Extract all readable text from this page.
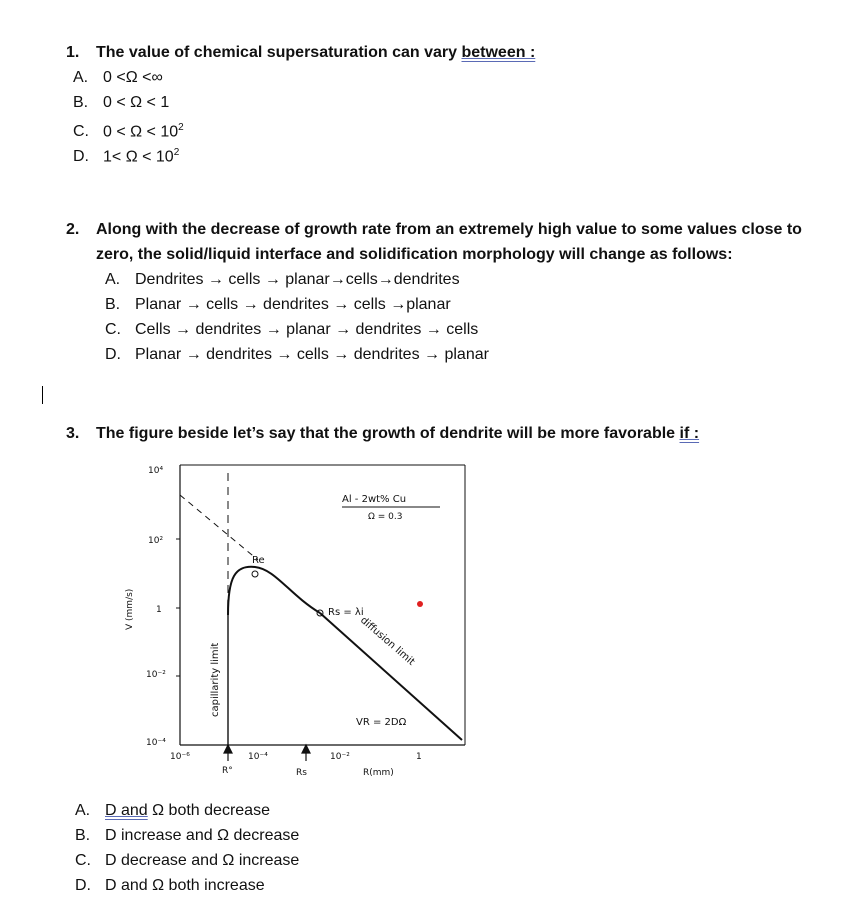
1. The value of chemical supersaturation can vary between :
A. 0 <Ω <∞
B. 0 < Ω < 1
C. $0 < \Omega < 10^2$
D. $1< \Omega < 10^2$
2. Along with the decrease of growth rate from an extremely high value to some values close to
zero, the solid/liquid interface and solidification morphology will change as follows:
A. Dendrites → cells → planar→cells→dendrites
B. Planar → cells → dendrites → cells →planar
C. Cells → dendrites → planar → dendrites → cells
D. Planar → dendrites → cells → dendrites → planar
3. The figure beside let’s say that the growth of dendrite will be more favorable if :
10⁴
10²
1
10⁻²
10⁻⁴
V (mm/s)
10⁻⁶	10⁻⁴	10⁻²	1
R(mm)
R°	Rs
capillarity limit
Re
Rs = λi
Al - 2wt% Cu
Ω = 0.3
diffusion limit
VR = 2DΩ
A. D and Ω both decrease
B. D increase and Ω decrease
C. D decrease and Ω increase
D. D and Ω both increase
